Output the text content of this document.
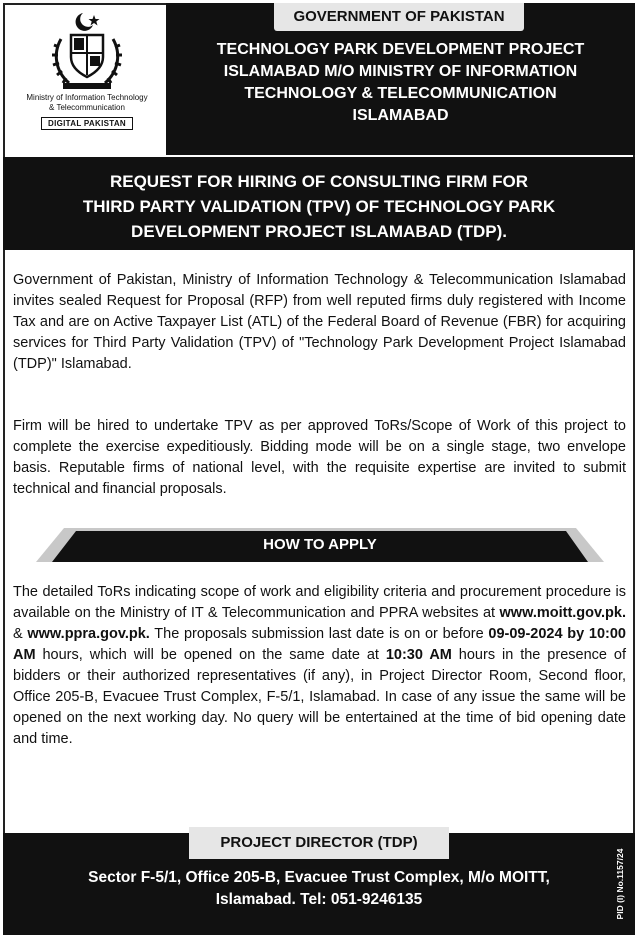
Ministry of Information Technology
& Telecommunication
DIGITAL PAKISTAN
GOVERNMENT OF PAKISTAN
TECHNOLOGY PARK DEVELOPMENT PROJECT
ISLAMABAD M/O MINISTRY OF INFORMATION
TECHNOLOGY & TELECOMMUNICATION
ISLAMABAD
REQUEST FOR HIRING OF CONSULTING FIRM FOR
THIRD PARTY VALIDATION (TPV) OF TECHNOLOGY PARK
DEVELOPMENT PROJECT ISLAMABAD (TDP).
Government of Pakistan, Ministry of Information Technology & Telecommunication Islamabad invites sealed Request for Proposal (RFP) from well reputed firms duly registered with Income Tax and are on Active Taxpayer List (ATL) of the Federal Board of Revenue (FBR) for acquiring services for Third Party Validation (TPV) of "Technology Park Development Project Islamabad (TDP)" Islamabad.
Firm will be hired to undertake TPV as per approved ToRs/Scope of Work of this project to complete the exercise expeditiously. Bidding mode will be on a single stage, two envelope basis. Reputable firms of national level, with the requisite expertise are invited to submit technical and financial proposals.
HOW TO APPLY
The detailed ToRs indicating scope of work and eligibility criteria and procurement procedure is available on the Ministry of IT & Telecommunication and PPRA websites at www.moitt.gov.pk. & www.ppra.gov.pk. The proposals submission last date is on or before 09-09-2024 by 10:00 AM hours, which will be opened on the same date at 10:30 AM hours in the presence of bidders or their authorized representatives (if any), in Project Director Room, Second floor, Office 205-B, Evacuee Trust Complex, F-5/1, Islamabad. In case of any issue the same will be opened on the next working day. No query will be entertained at the time of bid opening date and time.
PROJECT DIRECTOR (TDP)
Sector F-5/1, Office 205-B, Evacuee Trust Complex, M/o MOITT,
Islamabad. Tel: 051-9246135	PID (I) No.1157/24
